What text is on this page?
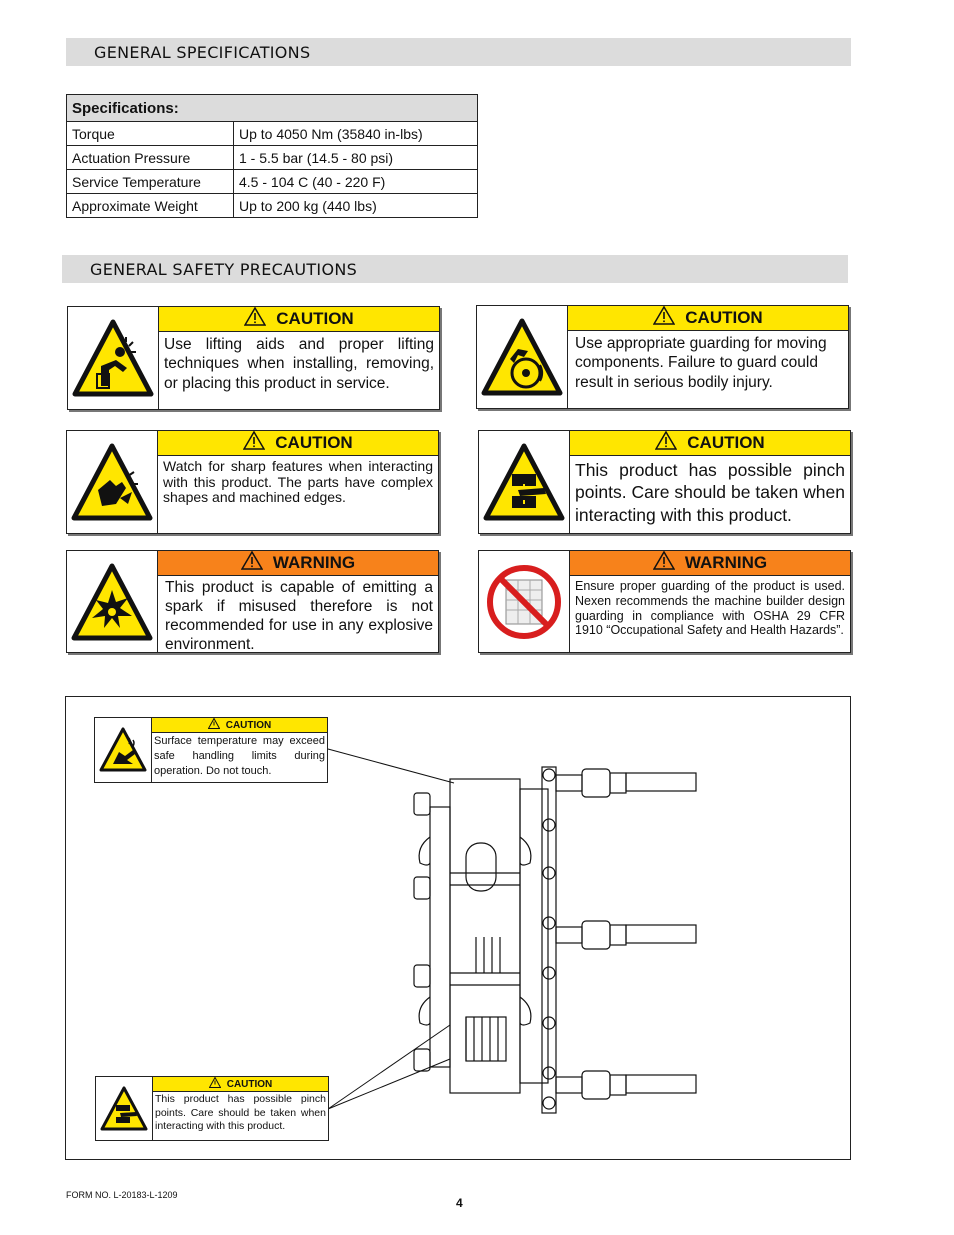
GENERAL SPECIFICATIONS
Specifications:	
Torque	Up to 4050 Nm (35840 in-lbs)
Actuation Pressure	1 - 5.5 bar (14.5 - 80 psi)
Service Temperature	4.5 - 104 C (40 - 220 F)
Approximate Weight	Up to 200 kg (440 lbs)
GENERAL SAFETY PRECAUTIONS
CAUTION
Use lifting aids and proper lifting techniques when installing, removing, or placing this product in service.
CAUTION
Use appropriate guarding for moving components. Failure to guard could result in serious bodily injury.
CAUTION
Watch for sharp features when interacting with this product. The parts have complex shapes and machined edges.
CAUTION
This product has possible pinch points. Care should be taken when interacting with this product.
WARNING
This product is capable of emitting a spark if misused therefore is not recommended for use in any explosive environment.
WARNING
Ensure proper guarding of the product is used. Nexen recommends the machine builder design guarding in compliance with OSHA 29 CFR 1910 “Occupational Safety and Health Hazards”.
CAUTION
Surface temperature may exceed safe handling limits during operation. Do not touch.
CAUTION
This product has possible pinch points. Care should be taken when interacting with this product.
FORM NO. L-20183-L-1209
4
